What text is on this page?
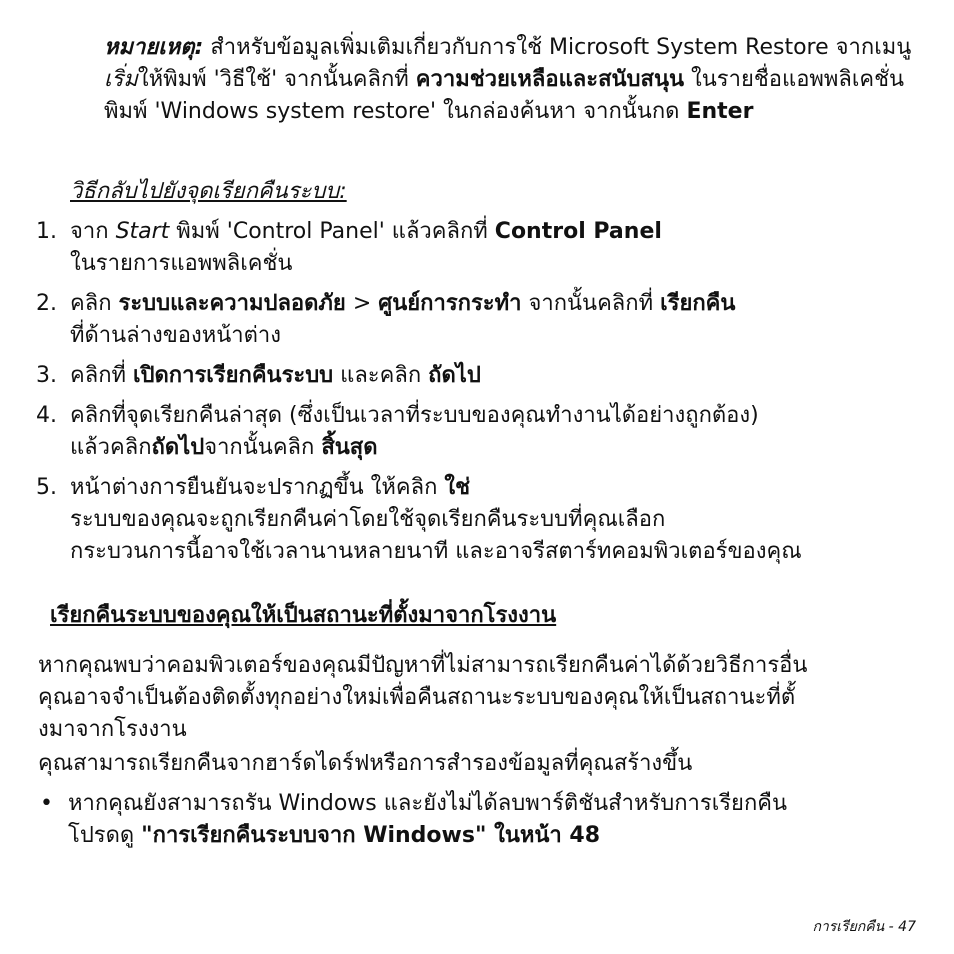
หมายเหตุ: สำหรับข้อมูลเพิ่มเติมเกี่ยวกับการใช้ Microsoft System Restore จากเมนู เริ่มให้พิมพ์ 'วิธีใช้' จากนั้นคลิกที่ ความช่วยเหลือและสนับสนุน ในรายชื่อแอพพลิเคชั่น พิมพ์ 'Windows system restore' ในกล่องค้นหา จากนั้นกด Enter

วิธีกลับไปยังจุดเรียกคืนระบบ:
1. จาก Start พิมพ์ 'Control Panel' แล้วคลิกที่ Control Panel
ในรายการแอพพลิเคชั่น
2. คลิก ระบบและความปลอดภัย > ศูนย์การกระทำ จากนั้นคลิกที่ เรียกคืน
ที่ด้านล่างของหน้าต่าง
3. คลิกที่ เปิดการเรียกคืนระบบ และคลิก ถัดไป
4. คลิกที่จุดเรียกคืนล่าสุด (ซึ่งเป็นเวลาที่ระบบของคุณทำงานได้อย่างถูกต้อง)
แล้วคลิกถัดไปจากนั้นคลิก สิ้นสุด
5. หน้าต่างการยืนยันจะปรากฏขึ้น ให้คลิก ใช่
ระบบของคุณจะถูกเรียกคืนค่าโดยใช้จุดเรียกคืนระบบที่คุณเลือก
กระบวนการนี้อาจใช้เวลานานหลายนาที และอาจรีสตาร์ทคอมพิวเตอร์ของคุณ
เรียกคืนระบบของคุณให้เป็นสถานะที่ตั้งมาจากโรงงาน
หากคุณพบว่าคอมพิวเตอร์ของคุณมีปัญหาที่ไม่สามารถเรียกคืนค่าได้ด้วยวิธีการอื่น
คุณอาจจำเป็นต้องติดตั้งทุกอย่างใหม่เพื่อคืนสถานะระบบของคุณให้เป็นสถานะที่ตั้
งมาจากโรงงาน
คุณสามารถเรียกคืนจากฮาร์ดไดร์ฟหรือการสำรองข้อมูลที่คุณสร้างขึ้น
• หากคุณยังสามารถรัน Windows และยังไม่ได้ลบพาร์ติชันสำหรับการเรียกคืน
โปรดดู "การเรียกคืนระบบจาก Windows" ในหน้า 48
การเรียกคืน - 47
